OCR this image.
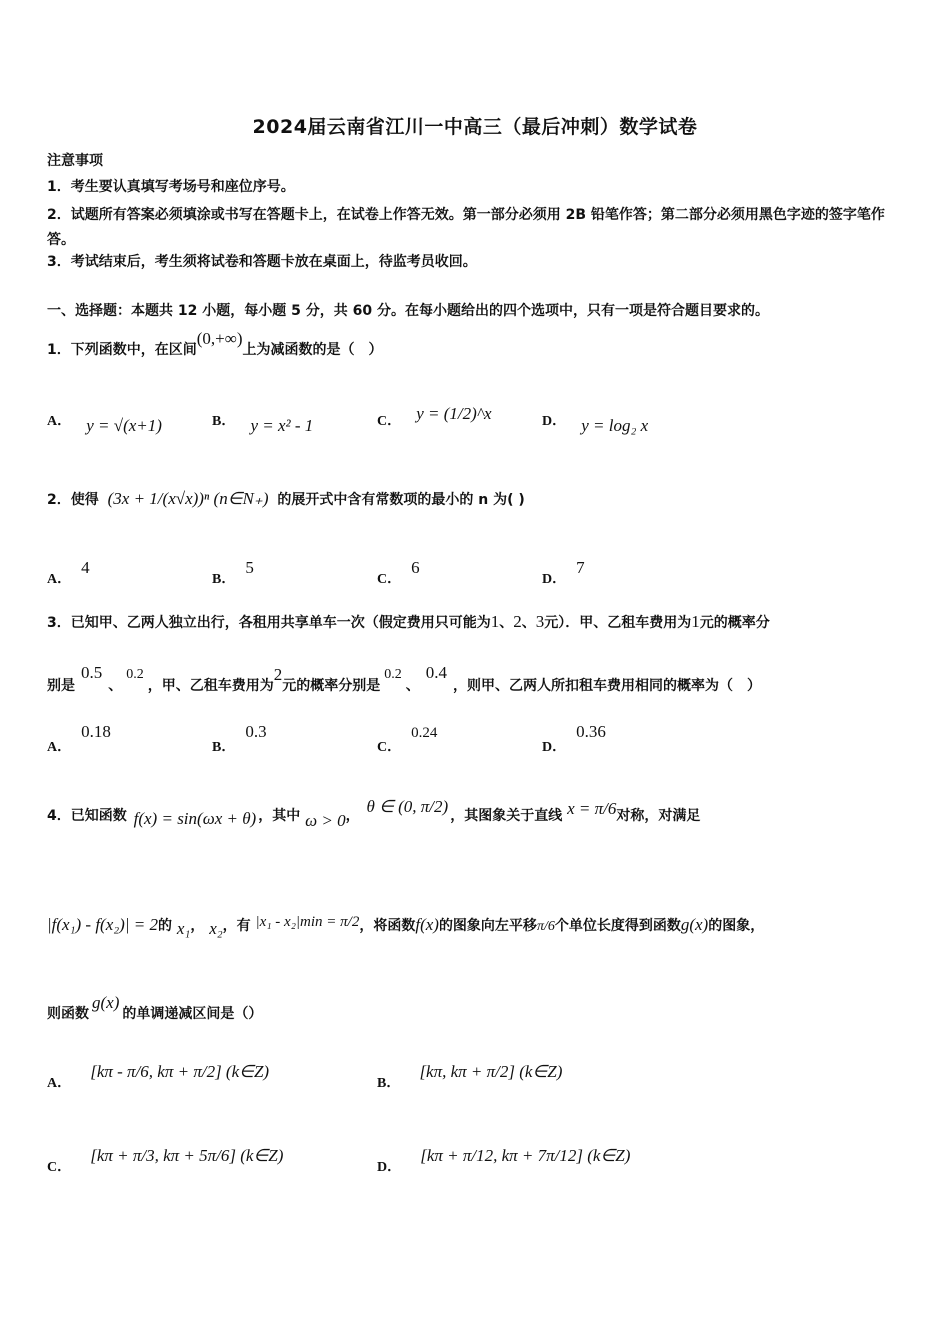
2024届云南省江川一中高三（最后冲刺）数学试卷
注意事项
1．考生要认真填写考场号和座位序号。
2．试题所有答案必须填涂或书写在答题卡上，在试卷上作答无效。第一部分必须用 2B 铅笔作答；第二部分必须用黑色字迹的签字笔作答。
3．考试结束后，考生须将试卷和答题卡放在桌面上，待监考员收回。
一、选择题：本题共 12 小题，每小题 5 分，共 60 分。在每小题给出的四个选项中，只有一项是符合题目要求的。
1．下列函数中，在区间(0,+∞)上为减函数的是（　）
A． y = √(x+1)	B． y = x² - 1	C． y = (1/2)^x	D． y = log₂ x
2．使得 (3x + 1/(x√x))ⁿ (n∈N₊) 的展开式中含有常数项的最小的 n 为( )
A．4
B．5
C．6
D．7
3．已知甲、乙两人独立出行，各租用共享单车一次（假定费用只可能为1、2、3元）．甲、乙租车费用为1元的概率分
别是0.5、0.2，甲、乙租车费用为2元的概率分别是0.2、0.4，则甲、乙两人所扣租车费用相同的概率为（　）
A．0.18
B．0.3
C．0.24
D．0.36
4．已知函数 f(x) = sin(ωx + θ) ，其中 ω > 0， θ ∈ (0, π/2) ，其图象关于直线 x = π/6对称，对满足
|f(x₁) - f(x₂)| = 2的 x₁， x₂，有 |x₁ - x₂|min = π/2，将函数f(x)的图象向左平移π/6个单位长度得到函数g(x)的图象，
则函数g(x)的单调递减区间是（）
A． [kπ - π/6, kπ + π/2] (k∈Z)
B． [kπ, kπ + π/2] (k∈Z)
C． [kπ + π/3, kπ + 5π/6] (k∈Z)
D． [kπ + π/12, kπ + 7π/12] (k∈Z)
